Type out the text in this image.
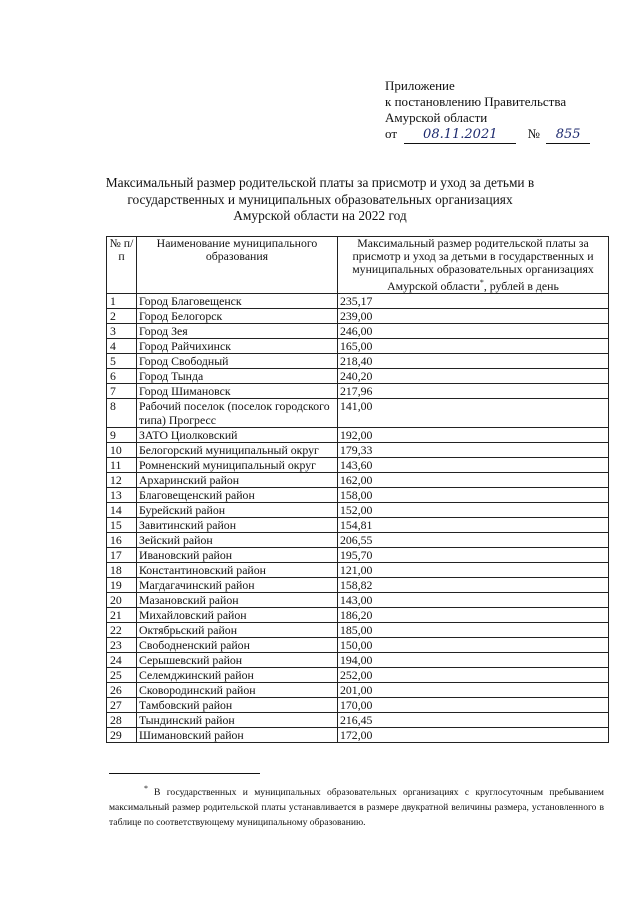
Приложение
к постановлению Правительства
Амурской области
от 08.11.2021 № 855
Максимальный размер родительской платы за присмотр и уход за детьми в
государственных и муниципальных образовательных организациях
Амурской области на 2022 год
№ п/п	Наименование муниципального образования	Максимальный размер родительской платы за присмотр и уход за детьми в государственных и муниципальных образовательных организациях Амурской области*, рублей в день
1	Город Благовещенск	235,17
2	Город Белогорск	239,00
3	Город Зея	246,00
4	Город Райчихинск	165,00
5	Город Свободный	218,40
6	Город Тында	240,20
7	Город Шимановск	217,96
8	Рабочий поселок (поселок городского типа) Прогресс	141,00
9	ЗАТО Циолковский	192,00
10	Белогорский муниципальный округ	179,33
11	Ромненский муниципальный округ	143,60
12	Архаринский район	162,00
13	Благовещенский район	158,00
14	Бурейский район	152,00
15	Завитинский район	154,81
16	Зейский район	206,55
17	Ивановский район	195,70
18	Константиновский район	121,00
19	Магдагачинский район	158,82
20	Мазановский район	143,00
21	Михайловский район	186,20
22	Октябрьский район	185,00
23	Свободненский район	150,00
24	Серышевский район	194,00
25	Селемджинский район	252,00
26	Сковородинский район	201,00
27	Тамбовский район	170,00
28	Тындинский район	216,45
29	Шимановский район	172,00
* В государственных и муниципальных образовательных организациях с круглосуточным пребыванием максимальный размер родительской платы устанавливается в размере двукратной величины размера, установленного в таблице по соответствующему муниципальному образованию.
